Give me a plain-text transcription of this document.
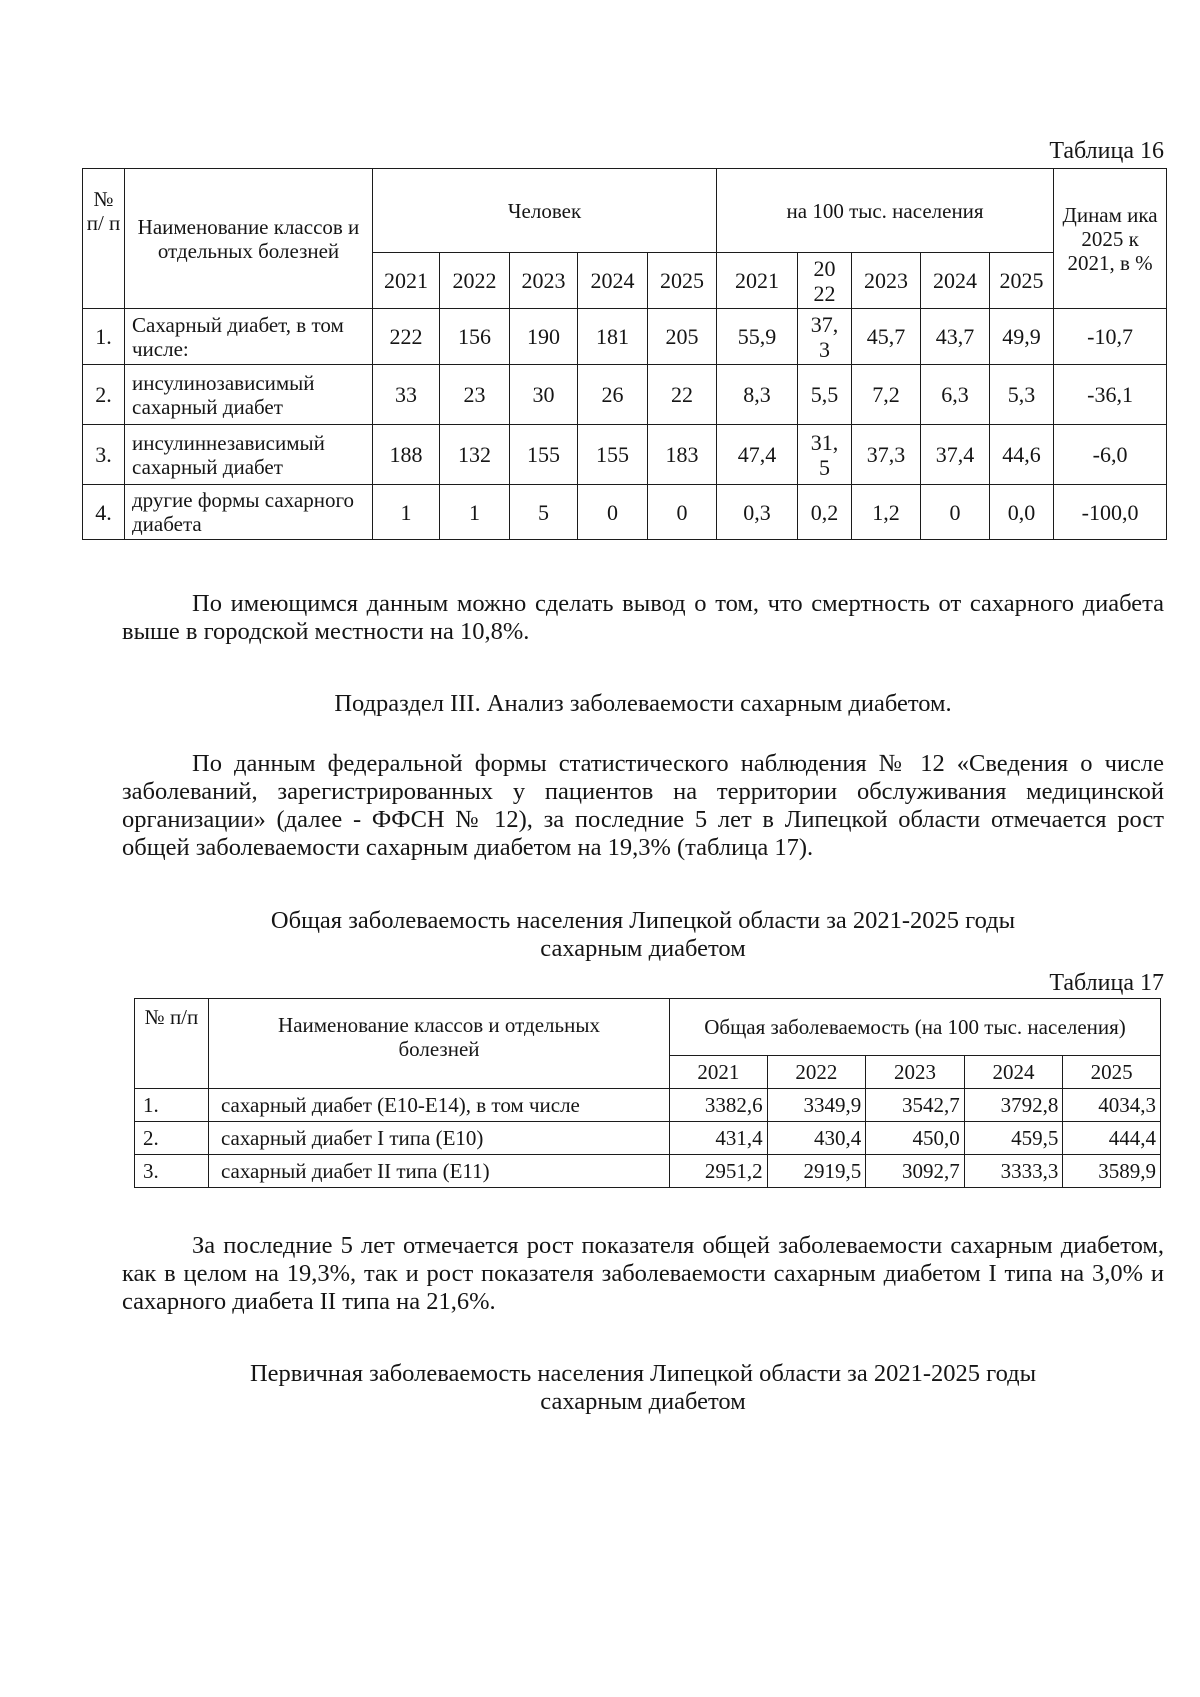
Таблица 16
№ п/ п	Наименование классов и отдельных болезней	Человек					на 100 тыс. населения					Динам ика 2025 к 2021, в %
		2021	2022	2023	2024	2025	2021	20 22	2023	2024	2025	
1.	Сахарный диабет, в том числе:	222	156	190	181	205	55,9	37, 3	45,7	43,7	49,9	-10,7
2.	инсулинозависимый сахарный диабет	33	23	30	26	22	8,3	5,5	7,2	6,3	5,3	-36,1
3.	инсулиннезависимый сахарный диабет	188	132	155	155	183	47,4	31, 5	37,3	37,4	44,6	-6,0
4.	другие формы сахарного диабета	1	1	5	0	0	0,3	0,2	1,2	0	0,0	-100,0

По имеющимся данным можно сделать вывод о том, что смертность от сахарного диабета выше в городской местности на 10,8%.

Подраздел III. Анализ заболеваемости сахарным диабетом.

По данным федеральной формы статистического наблюдения № 12 «Сведения о числе заболеваний, зарегистрированных у пациентов на территории обслуживания медицинской организации» (далее - ФФСН № 12), за последние 5 лет в Липецкой области отмечается рост общей заболеваемости сахарным диабетом на 19,3% (таблица 17).

Общая заболеваемость населения Липецкой области за 2021-2025 годы
сахарным диабетом
Таблица 17
№ п/п	Наименование классов и отдельных болезней	Общая заболеваемость (на 100 тыс. населения)				
		2021	2022	2023	2024	2025
1.	сахарный диабет (Е10-Е14), в том числе	3382,6	3349,9	3542,7	3792,8	4034,3
2.	сахарный диабет I типа (Е10)	431,4	430,4	450,0	459,5	444,4
3.	сахарный диабет II типа (Е11)	2951,2	2919,5	3092,7	3333,3	3589,9

За последние 5 лет отмечается рост показателя общей заболеваемости сахарным диабетом, как в целом на 19,3%, так и рост показателя заболеваемости сахарным диабетом I типа на 3,0% и сахарного диабета II типа на 21,6%.

Первичная заболеваемость населения Липецкой области за 2021-2025 годы
сахарным диабетом
